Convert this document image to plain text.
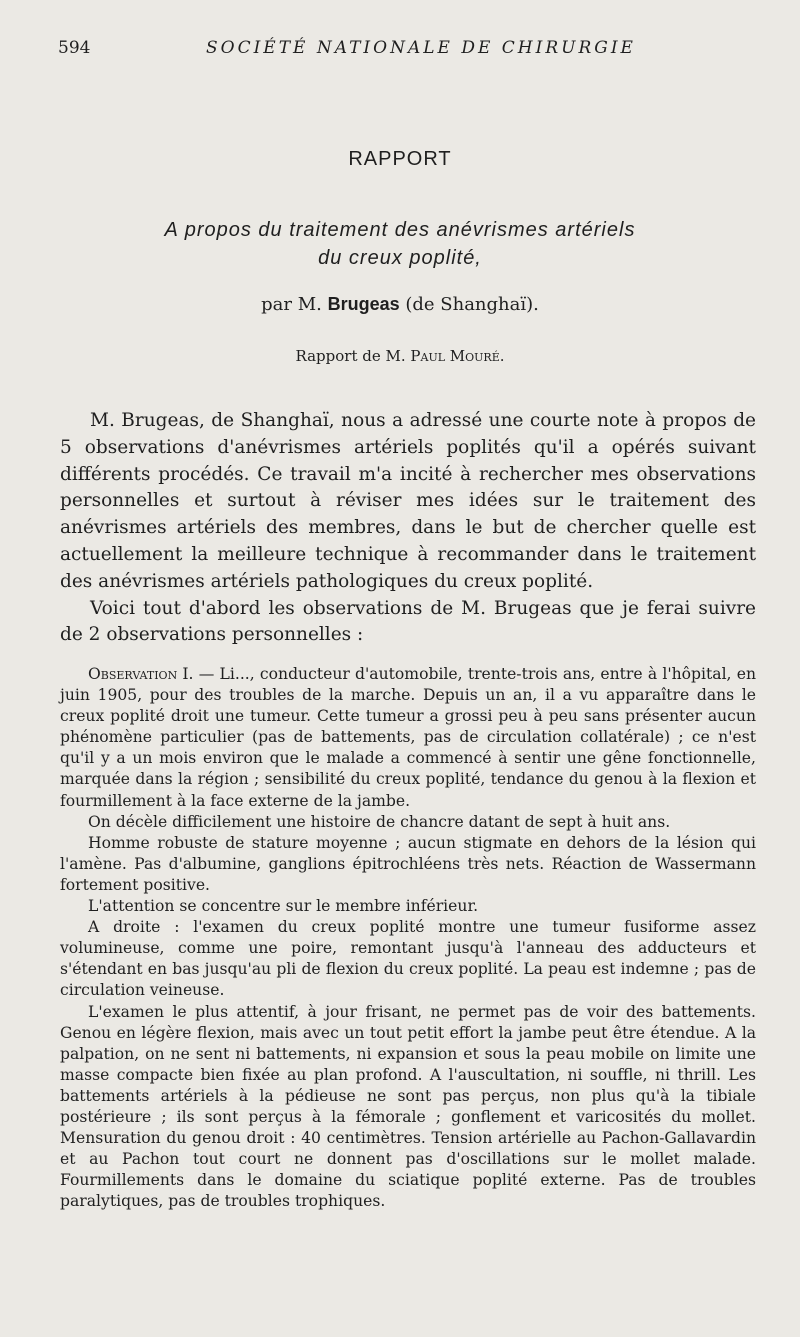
594	SOCIÉTÉ NATIONALE DE CHIRURGIE
RAPPORT
A propos du traitement des anévrismes artériels
du creux poplité,
par M. Brugeas (de Shanghaï).
Rapport de M. Paul Mouré.

M. Brugeas, de Shanghaï, nous a adressé une courte note à propos de 5 observations d'anévrismes artériels poplités qu'il a opérés suivant différents procédés. Ce travail m'a incité à rechercher mes observations personnelles et surtout à réviser mes idées sur le traitement des anévrismes artériels des membres, dans le but de chercher quelle est actuellement la meilleure technique à recommander dans le traitement des anévrismes artériels pathologiques du creux poplité.

Voici tout d'abord les observations de M. Brugeas que je ferai suivre de 2 observations personnelles :

Observation I. — Li..., conducteur d'automobile, trente-trois ans, entre à l'hôpital, en juin 1905, pour des troubles de la marche. Depuis un an, il a vu apparaître dans le creux poplité droit une tumeur. Cette tumeur a grossi peu à peu sans présenter aucun phénomène particulier (pas de battements, pas de circulation collatérale) ; ce n'est qu'il y a un mois environ que le malade a commencé à sentir une gêne fonctionnelle, marquée dans la région ; sensibilité du creux poplité, tendance du genou à la flexion et fourmillement à la face externe de la jambe.

On décèle difficilement une histoire de chancre datant de sept à huit ans.

Homme robuste de stature moyenne ; aucun stigmate en dehors de la lésion qui l'amène. Pas d'albumine, ganglions épitrochléens très nets. Réaction de Wassermann fortement positive.

L'attention se concentre sur le membre inférieur.

A droite : l'examen du creux poplité montre une tumeur fusiforme assez volumineuse, comme une poire, remontant jusqu'à l'anneau des adducteurs et s'étendant en bas jusqu'au pli de flexion du creux poplité. La peau est indemne ; pas de circulation veineuse.

L'examen le plus attentif, à jour frisant, ne permet pas de voir des battements. Genou en légère flexion, mais avec un tout petit effort la jambe peut être étendue. A la palpation, on ne sent ni battements, ni expansion et sous la peau mobile on limite une masse compacte bien fixée au plan profond. A l'auscultation, ni souffle, ni thrill. Les battements artériels à la pédieuse ne sont pas perçus, non plus qu'à la tibiale postérieure ; ils sont perçus à la fémorale ; gonflement et varicosités du mollet. Mensuration du genou droit : 40 centimètres. Tension artérielle au Pachon-Gallavardin et au Pachon tout court ne donnent pas d'oscillations sur le mollet malade. Fourmillements dans le domaine du sciatique poplité externe. Pas de troubles paralytiques, pas de troubles trophiques.
